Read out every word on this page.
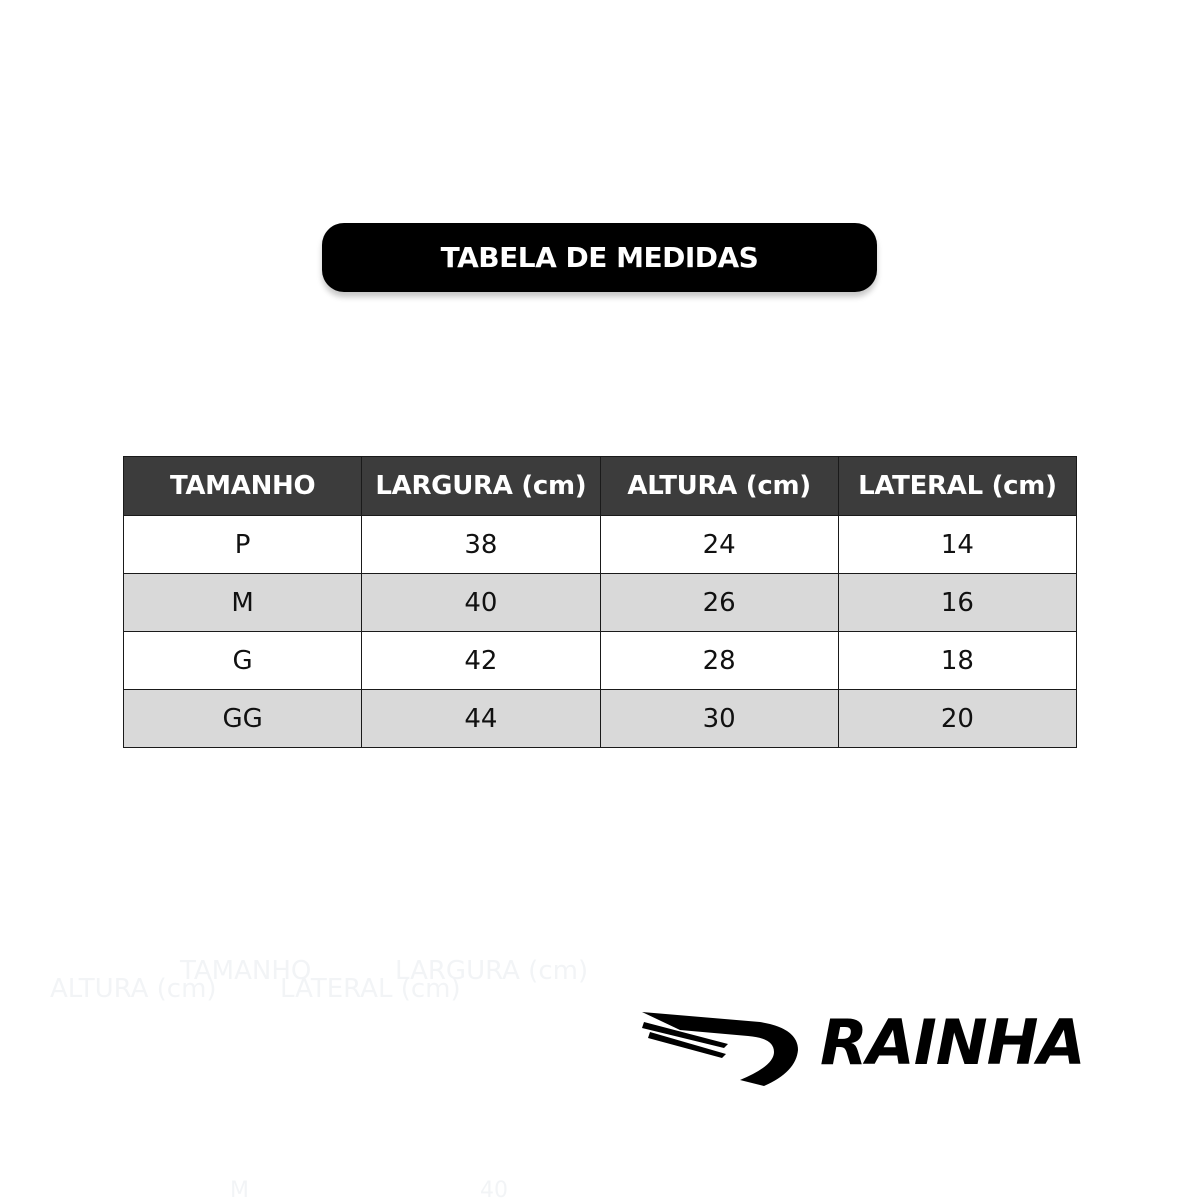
TABELA DE MEDIDAS
TAMANHO	LARGURA (cm)	ALTURA (cm)	LATERAL (cm)
P	38	24	14
M	40	26	16
G	42	28	18
GG	44	30	20
TAMANHO	LARGURA (cm)
ALTURA (cm) LATERAL (cm)
M	40
RAINHA
